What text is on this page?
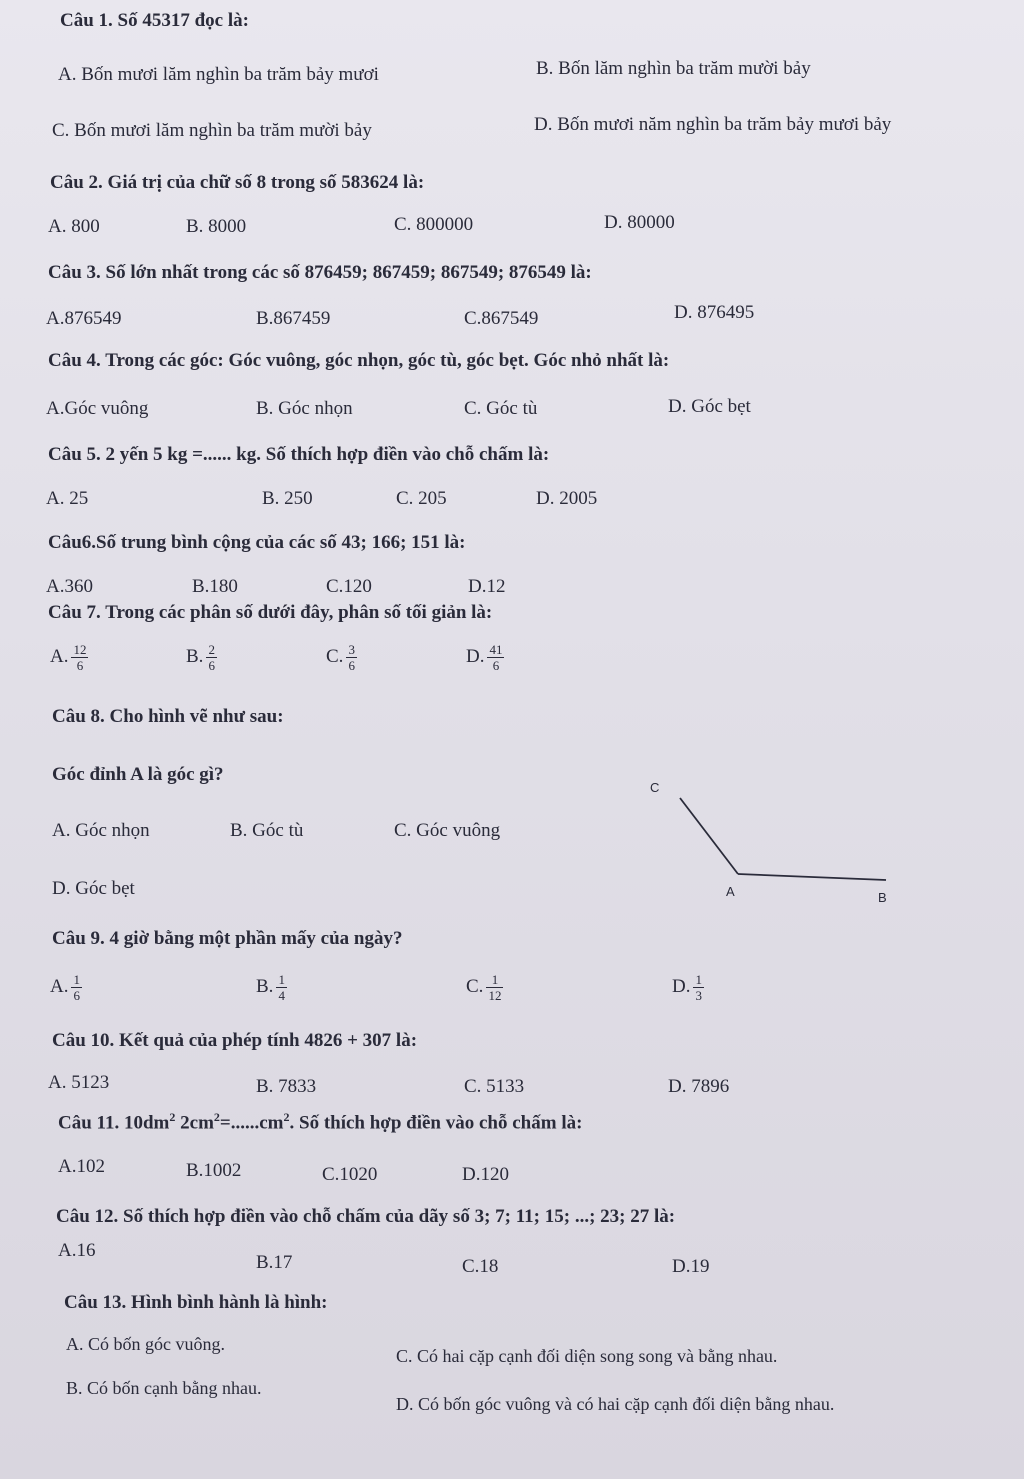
Câu 1. Số 45317 đọc là:
A. Bốn mươi lăm nghìn ba trăm bảy mươi	B. Bốn lăm nghìn ba trăm mười bảy
C. Bốn mươi lăm nghìn ba trăm mười bảy	D. Bốn mươi năm nghìn ba trăm bảy mươi bảy
Câu 2. Giá trị của chữ số 8 trong số 583624 là:
A. 800	B. 8000	C. 800000	D. 80000
Câu 3. Số lớn nhất trong các số 876459; 867459; 867549; 876549 là:
A.876549	B.867459	C.867549	D. 876495
Câu 4. Trong các góc: Góc vuông, góc nhọn, góc tù, góc bẹt. Góc nhỏ nhất là:
A.Góc vuông	B. Góc nhọn	C. Góc tù	D. Góc bẹt
Câu 5. 2 yến 5 kg =...... kg. Số thích hợp điền vào chỗ chấm là:
A. 25	B. 250	C. 205	D. 2005
Câu6.Số trung bình cộng của các số 43; 166; 151 là:
A.360	B.180	C.120	D.12
Câu 7. Trong các phân số dưới đây, phân số tối giản là:
A. $\frac{12}{6}$	B. $\frac{2}{6}$	C. $\frac{3}{6}$	D. $\frac{41}{6}$
Câu 8. Cho hình vẽ như sau:
Góc đỉnh A là góc gì?
A. Góc nhọn	B. Góc tù	C. Góc vuông
D. Góc bẹt
C
A	B
Câu 9. 4 giờ bằng một phần mấy của ngày?
A. $\frac{1}{6}$	B. $\frac{1}{4}$	C. $\frac{1}{12}$	D. $\frac{1}{3}$
Câu 10. Kết quả của phép tính 4826 + 307 là:
A. 5123	B. 7833	C. 5133	D. 7896
Câu 11. $10dm^2$ $2cm^2=......cm^2$. Số thích hợp điền vào chỗ chấm là:
A.102	B.1002	C.1020	D.120
Câu 12. Số thích hợp điền vào chỗ chấm của dãy số 3; 7; 11; 15; ...; 23; 27 là:
A.16
B.17	C.18	D.19
Câu 13. Hình bình hành là hình:
A. Có bốn góc vuông.
C. Có hai cặp cạnh đối diện song song và bằng nhau.
B. Có bốn cạnh bằng nhau.
D. Có bốn góc vuông và có hai cặp cạnh đối diện bằng nhau.
